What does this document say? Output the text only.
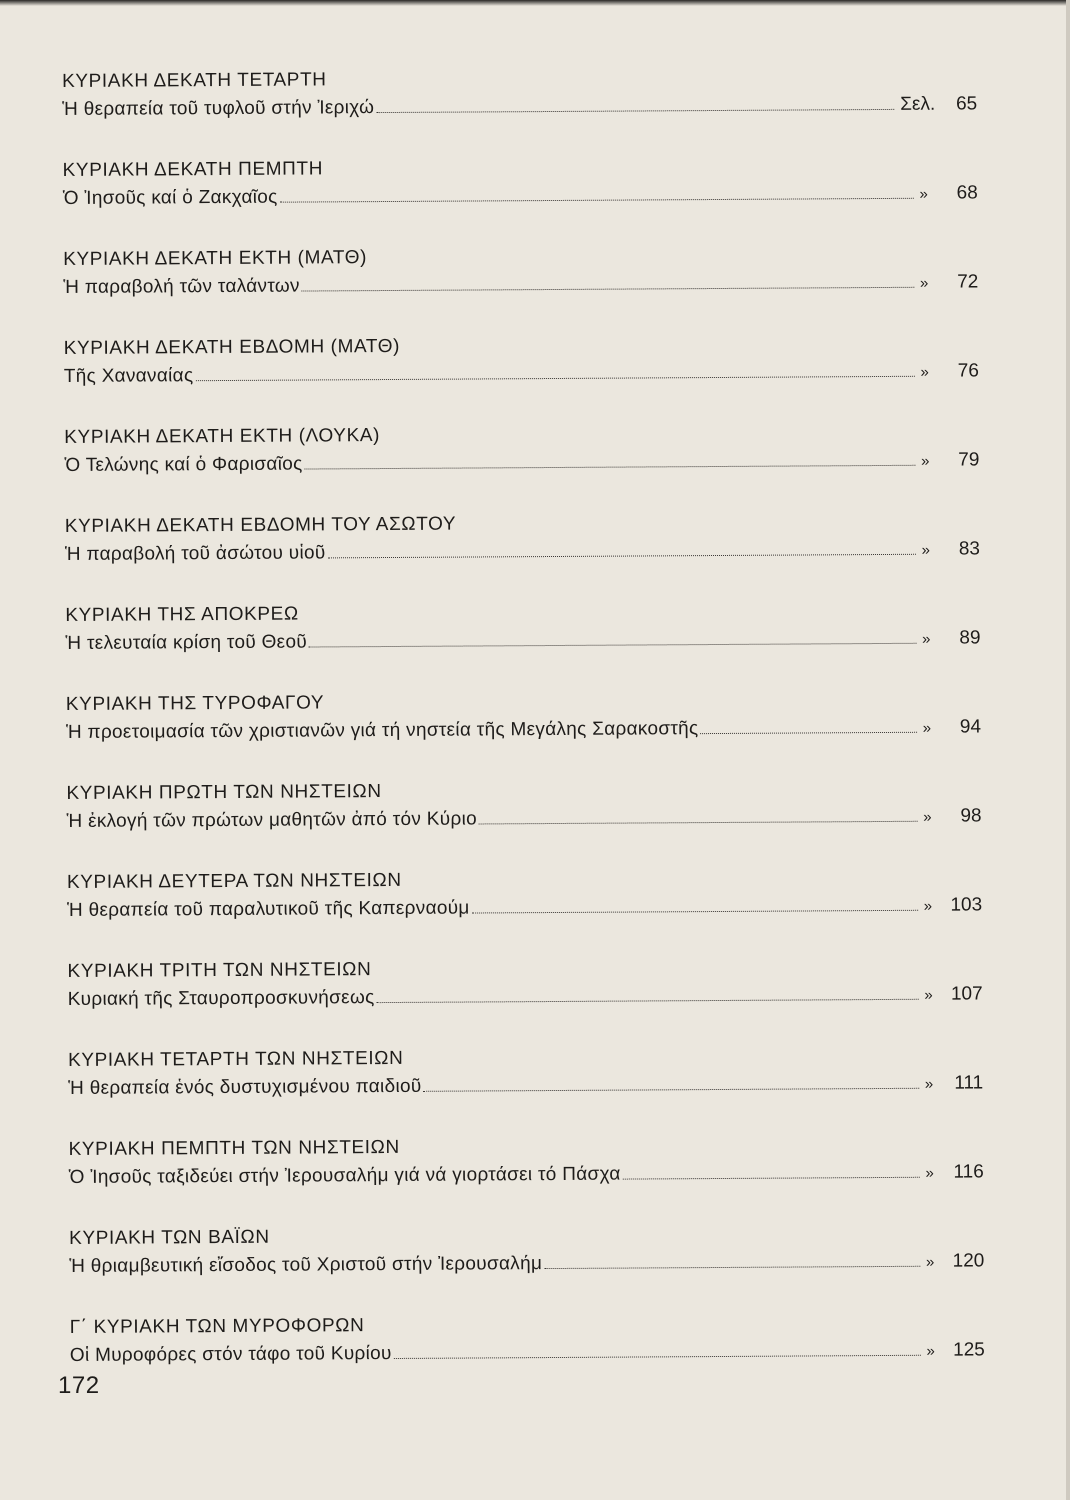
ΚΥΡΙΑΚΗ ΔΕΚΑΤΗ ΤΕΤΑΡΤΗ
Ἡ θεραπεία τοῦ τυφλοῦ στήν Ἰεριχώ	Σελ.	65
ΚΥΡΙΑΚΗ ΔΕΚΑΤΗ ΠΕΜΠΤΗ
Ὁ Ἰησοῦς καί ὁ Ζακχαῖος	»	68
ΚΥΡΙΑΚΗ ΔΕΚΑΤΗ ΕΚΤΗ (ΜΑΤΘ)
Ἡ παραβολή τῶν ταλάντων	»	72
ΚΥΡΙΑΚΗ ΔΕΚΑΤΗ ΕΒΔΟΜΗ (ΜΑΤΘ)
Τῆς Χαναναίας	»	76
ΚΥΡΙΑΚΗ ΔΕΚΑΤΗ ΕΚΤΗ (ΛΟΥΚΑ)
Ὁ Τελώνης καί ὁ Φαρισαῖος	»	79
ΚΥΡΙΑΚΗ ΔΕΚΑΤΗ ΕΒΔΟΜΗ ΤΟΥ ΑΣΩΤΟΥ
Ἡ παραβολή τοῦ ἀσώτου υἱοῦ	»	83
ΚΥΡΙΑΚΗ ΤΗΣ ΑΠΟΚΡΕΩ
Ἡ τελευταία κρίση τοῦ Θεοῦ	»	89
ΚΥΡΙΑΚΗ ΤΗΣ ΤΥΡΟΦΑΓΟΥ
Ἡ προετοιμασία τῶν χριστιανῶν γιά τή νηστεία τῆς Μεγάλης Σαρακοστῆς	»	94
ΚΥΡΙΑΚΗ ΠΡΩΤΗ ΤΩΝ ΝΗΣΤΕΙΩΝ
Ἡ ἐκλογή τῶν πρώτων μαθητῶν ἀπό τόν Κύριο	»	98
ΚΥΡΙΑΚΗ ΔΕΥΤΕΡΑ ΤΩΝ ΝΗΣΤΕΙΩΝ
Ἡ θεραπεία τοῦ παραλυτικοῦ τῆς Καπερναούμ	» 103
ΚΥΡΙΑΚΗ ΤΡΙΤΗ ΤΩΝ ΝΗΣΤΕΙΩΝ
Κυριακή τῆς Σταυροπροσκυνήσεως	» 107
ΚΥΡΙΑΚΗ ΤΕΤΑΡΤΗ ΤΩΝ ΝΗΣΤΕΙΩΝ
Ἡ θεραπεία ἑνός δυστυχισμένου παιδιοῦ	»	111
ΚΥΡΙΑΚΗ ΠΕΜΠΤΗ ΤΩΝ ΝΗΣΤΕΙΩΝ
Ὁ Ἰησοῦς ταξιδεύει στήν Ἰερουσαλήμ γιά νά γιορτάσει τό Πάσχα	»	116
ΚΥΡΙΑΚΗ ΤΩΝ ΒΑΪΩΝ
Ἡ θριαμβευτική εἴσοδος τοῦ Χριστοῦ στήν Ἰερουσαλήμ	» 120
Γ΄ ΚΥΡΙΑΚΗ ΤΩΝ ΜΥΡΟΦΟΡΩΝ
Οἱ Μυροφόρες στόν τάφο τοῦ Κυρίου	» 125
172
